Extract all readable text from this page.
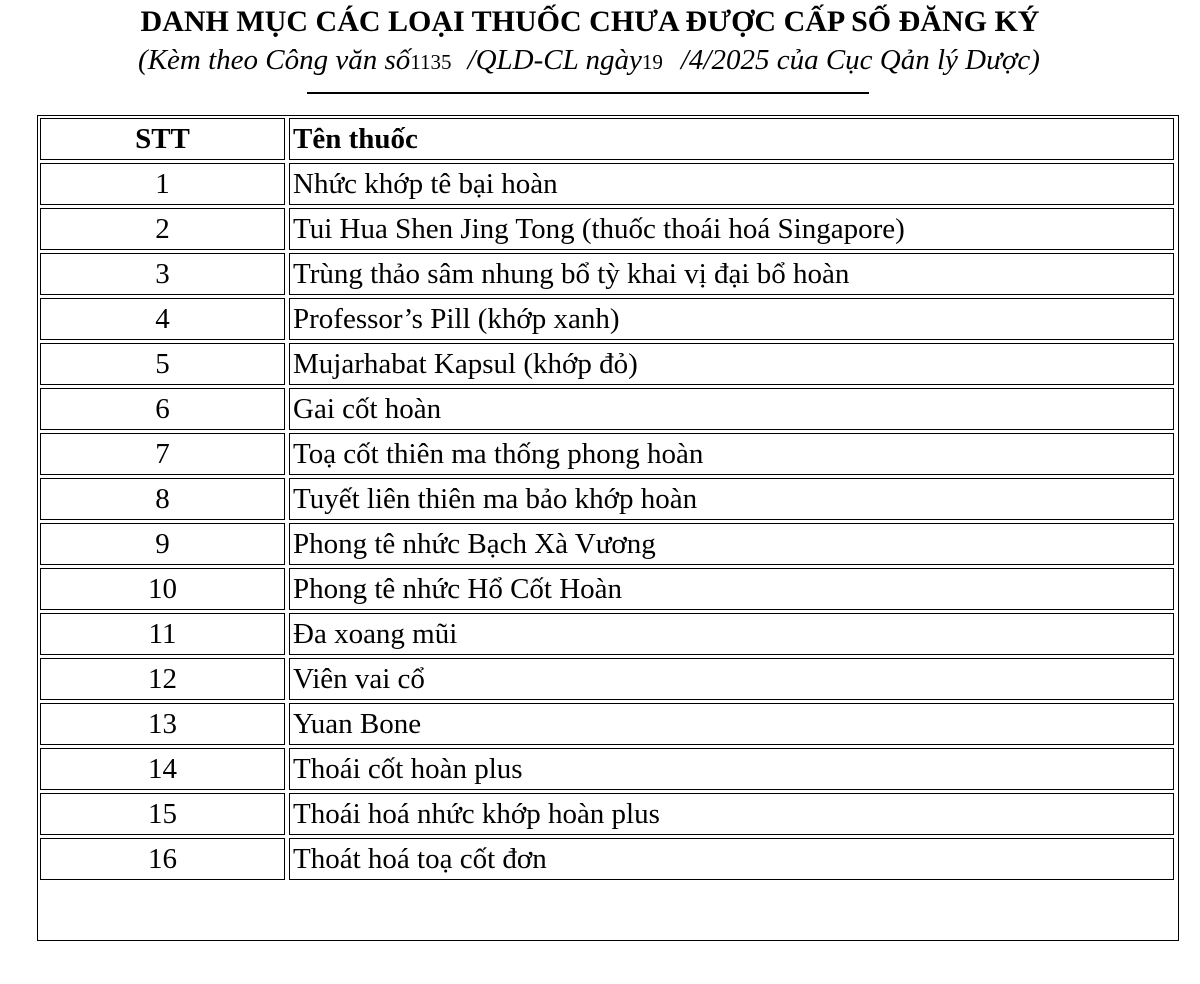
DANH MỤC CÁC LOẠI THUỐC CHƯA ĐƯỢC CẤP SỐ ĐĂNG KÝ
(Kèm theo Công văn số1135 /QLD-CL ngày19 /4/2025 của Cục Qản lý Dược)
STT	Tên thuốc
1	Nhức khớp tê bại hoàn
2	Tui Hua Shen Jing Tong (thuốc thoái hoá Singapore)
3	Trùng thảo sâm nhung bổ tỳ khai vị đại bổ hoàn
4	Professor’s Pill (khớp xanh)
5	Mujarhabat Kapsul (khớp đỏ)
6	Gai cốt hoàn
7	Toạ cốt thiên ma thống phong hoàn
8	Tuyết liên thiên ma bảo khớp hoàn
9	Phong tê nhức Bạch Xà Vương
10	Phong tê nhức Hổ Cốt Hoàn
11	Đa xoang mũi
12	Viên vai cổ
13	Yuan Bone
14	Thoái cốt hoàn plus
15	Thoái hoá nhức khớp hoàn plus
16	Thoát hoá toạ cốt đơn
